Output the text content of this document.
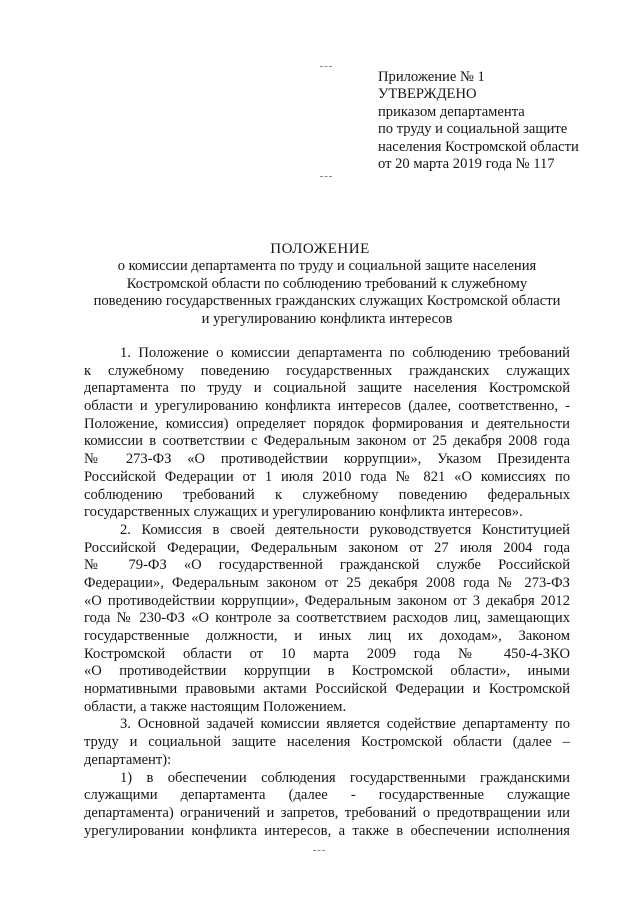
Приложение № 1
УТВЕРЖДЕНО
приказом департамента
по труду и социальной защите
населения Костромской области
от 20 марта 2019 года № 117
ПОЛОЖЕНИЕ
о комиссии департамента по труду и социальной защите населения
Костромской области по соблюдению требований к служебному
поведению государственных гражданских служащих Костромской области
и урегулированию конфликта интересов
1. Положение о комиссии департамента по соблюдению требований
к служебному поведению государственных гражданских служащих
департамента по труду и социальной защите населения Костромской
области и урегулированию конфликта интересов (далее, соответственно, -
Положение, комиссия) определяет порядок формирования и деятельности
комиссии в соответствии с Федеральным законом от 25 декабря 2008 года
№ 273-ФЗ «О противодействии коррупции», Указом Президента
Российской Федерации от 1 июля 2010 года № 821 «О комиссиях по
соблюдению требований к служебному поведению федеральных
государственных служащих и урегулированию конфликта интересов».
2. Комиссия в своей деятельности руководствуется Конституцией
Российской Федерации, Федеральным законом от 27 июля 2004 года
№ 79-ФЗ «О государственной гражданской службе Российской
Федерации», Федеральным законом от 25 декабря 2008 года № 273-ФЗ
«О противодействии коррупции», Федеральным законом от 3 декабря 2012
года № 230-ФЗ «О контроле за соответствием расходов лиц, замещающих
государственные должности, и иных лиц их доходам», Законом
Костромской области от 10 марта 2009 года № 450-4-ЗКО
«О противодействии коррупции в Костромской области», иными
нормативными правовыми актами Российской Федерации и Костромской
области, а также настоящим Положением.
3. Основной задачей комиссии является содействие департаменту по
труду и социальной защите населения Костромской области (далее –
департамент):
1) в обеспечении соблюдения государственными гражданскими
служащими департамента (далее - государственные служащие
департамента) ограничений и запретов, требований о предотвращении или
урегулировании конфликта интересов, а также в обеспечении исполнения
